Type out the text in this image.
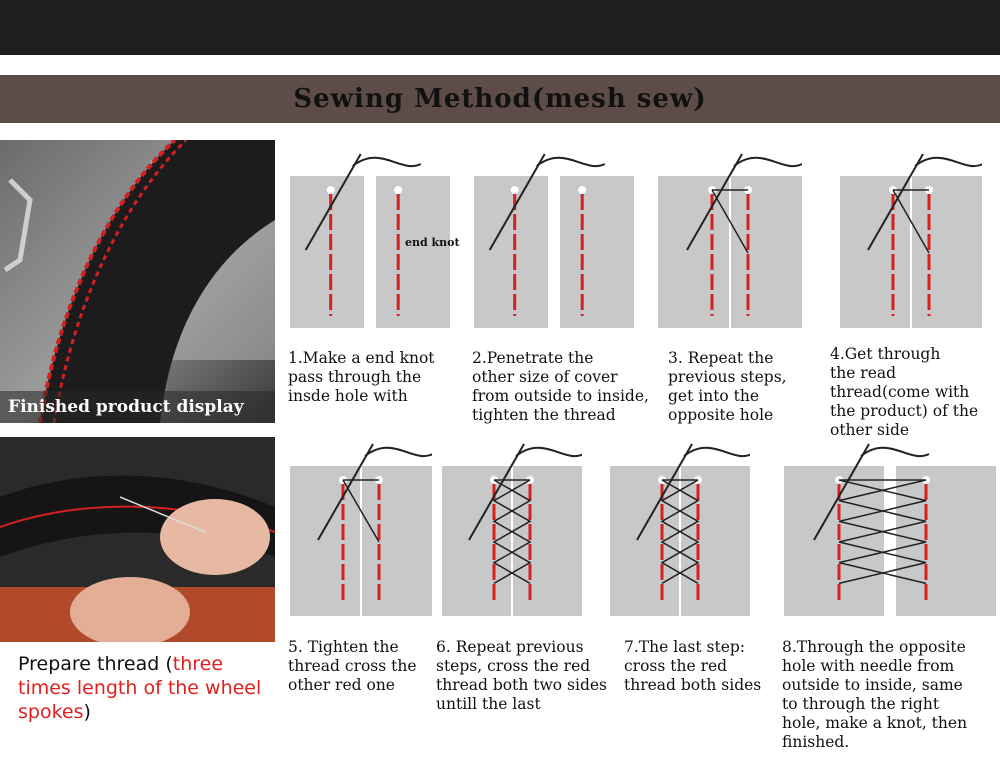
Sewing Method(mesh sew)
Finished product display
Prepare thread (three times length of the wheel spokes)
end knot
1.Make a end knot
pass through the
insde hole with
2.Penetrate the
other size of cover
from outside to inside,
tighten the thread
3. Repeat the
previous steps,
get into the
opposite hole
4.Get through
the read
thread(come with
the product) of the
other side
5. Tighten the
thread cross the
other red one
6. Repeat previous
steps, cross the red
thread both two sides
untill the last
7.The last step:
cross the red
thread both sides
8.Through the opposite
hole with needle from
outside to inside, same
to through the right
hole, make a knot, then
finished.
